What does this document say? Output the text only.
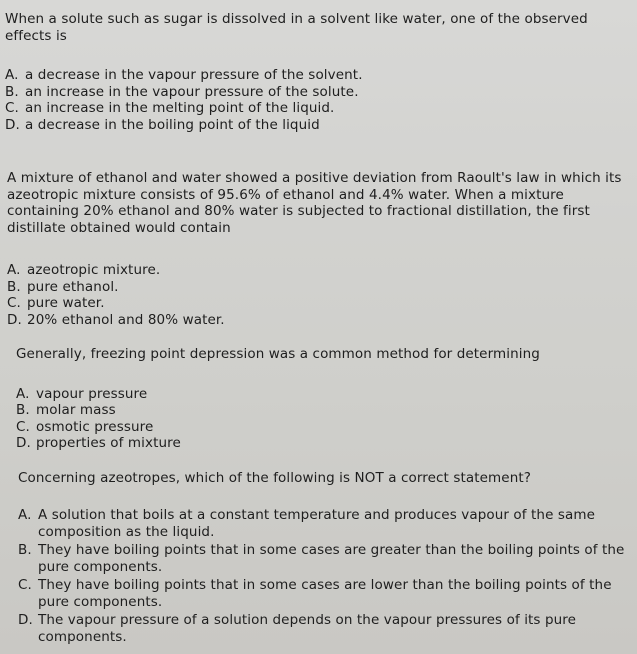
When a solute such as sugar is dissolved in a solvent like water, one of the observed effects is

A. a decrease in the vapour pressure of the solvent.
B. an increase in the vapour pressure of the solute.
C. an increase in the melting point of the liquid.
D. a decrease in the boiling point of the liquid

A mixture of ethanol and water showed a positive deviation from Raoult's law in which its azeotropic mixture consists of 95.6% of ethanol and 4.4% water. When a mixture containing 20% ethanol and 80% water is subjected to fractional distillation, the first distillate obtained would contain

A. azeotropic mixture.
B. pure ethanol.
C. pure water.
D. 20% ethanol and 80% water.

Generally, freezing point depression was a common method for determining

A. vapour pressure
B. molar mass
C. osmotic pressure
D. properties of mixture

Concerning azeotropes, which of the following is NOT a correct statement?

A. A solution that boils at a constant temperature and produces vapour of the same composition as the liquid.
B. They have boiling points that in some cases are greater than the boiling points of the pure components.
C. They have boiling points that in some cases are lower than the boiling points of the pure components.
D. The vapour pressure of a solution depends on the vapour pressures of its pure components.
